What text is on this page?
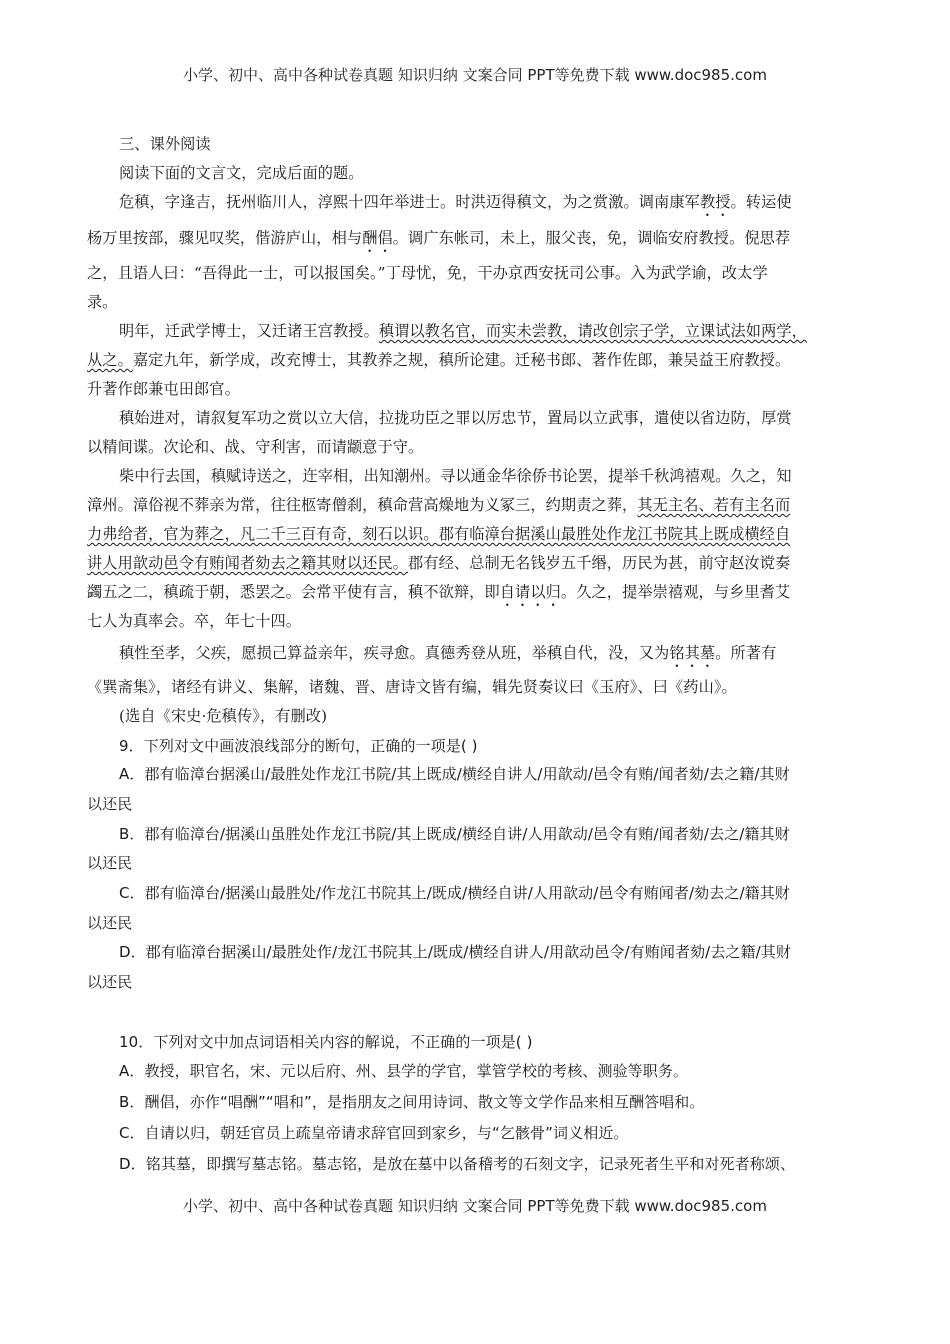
小学、初中、高中各种试卷真题 知识归纳 文案合同 PPT等免费下载 www.doc985.com
三、课外阅读
阅读下面的文言文，完成后面的题。
危稹，字逢吉，抚州临川人，淳熙十四年举进士。时洪迈得稹文，为之赏激。调南康军教授。转运使
杨万里按部，骤见叹奖，偕游庐山，相与酬倡。调广东帐司，未上，服父丧，免，调临安府教授。倪思荐
之，且语人曰：“吾得此一士，可以报国矣。”丁母忧，免，干办京西安抚司公事。入为武学谕，改太学
录。
明年，迁武学博士，又迁诸王宫教授。稹谓以教名官，而实未尝教，请改创宗子学，立课试法如两学，
从之。嘉定九年，新学成，改充博士，其教养之规，稹所论建。迁秘书郎、著作佐郎，兼吴益王府教授。
升著作郎兼屯田郎官。
稹始进对，请叙复军功之赏以立大信，拉拢功臣之罪以厉忠节，置局以立武事，遣使以省边防，厚赏
以精间谍。次论和、战、守利害，而请颛意于守。
柴中行去国，稹赋诗送之，迕宰相，出知潮州。寻以通金华徐侨书论罢，提举千秋鸿禧观。久之，知
漳州。漳俗视不葬亲为常，往往柩寄僧刹，稹命营高燥地为义冢三，约期责之葬，其无主名、若有主名而
力弗给者，官为葬之，凡二千三百有奇，刻石以识。郡有临漳台据溪山最胜处作龙江书院其上既成横经自
讲人用歆动邑令有贿闻者劾去之籍其财以还民。郡有经、总制无名钱岁五千缗，历民为甚，前守赵汝谠奏
蠲五之二，稹疏于朝，悉罢之。会常平使有言，稹不欲辩，即自请以归。久之，提举崇禧观，与乡里耆艾
七人为真率会。卒，年七十四。
稹性至孝，父疾，愿损己算益亲年，疾寻愈。真德秀登从班，举稹自代，没，又为铭其墓。所著有
《巽斋集》，诸经有讲义、集解，诸魏、晋、唐诗文皆有编，辑先贤奏议曰《玉府》、曰《药山》。
(选自《宋史·危稹传》，有删改)
9．下列对文中画波浪线部分的断句，正确的一项是( )
A．郡有临漳台据溪山/最胜处作龙江书院/其上既成/横经自讲人/用歆动/邑令有贿/闻者劾/去之籍/其财
以还民
B．郡有临漳台/据溪山虽胜处作龙江书院/其上既成/横经自讲/人用歆动/邑令有贿/闻者劾/去之/籍其财
以还民
C．郡有临漳台/据溪山最胜处/作龙江书院其上/既成/横经自讲/人用歆动/邑令有贿闻者/劾去之/籍其财
以还民
D．郡有临漳台据溪山/最胜处作/龙江书院其上/既成/横经自讲人/用歆动邑令/有贿闻者劾/去之籍/其财
以还民
10．下列对文中加点词语相关内容的解说，不正确的一项是( )
A．教授，职官名，宋、元以后府、州、县学的学官，掌管学校的考核、测验等职务。
B．酬倡，亦作“唱酬”“唱和”，是指朋友之间用诗词、散文等文学作品来相互酬答唱和。
C．自请以归，朝廷官员上疏皇帝请求辞官回到家乡，与“乞骸骨”词义相近。
D．铭其墓，即撰写墓志铭。墓志铭，是放在墓中以备稽考的石刻文字，记录死者生平和对死者称颂、
小学、初中、高中各种试卷真题 知识归纳 文案合同 PPT等免费下载 www.doc985.com
